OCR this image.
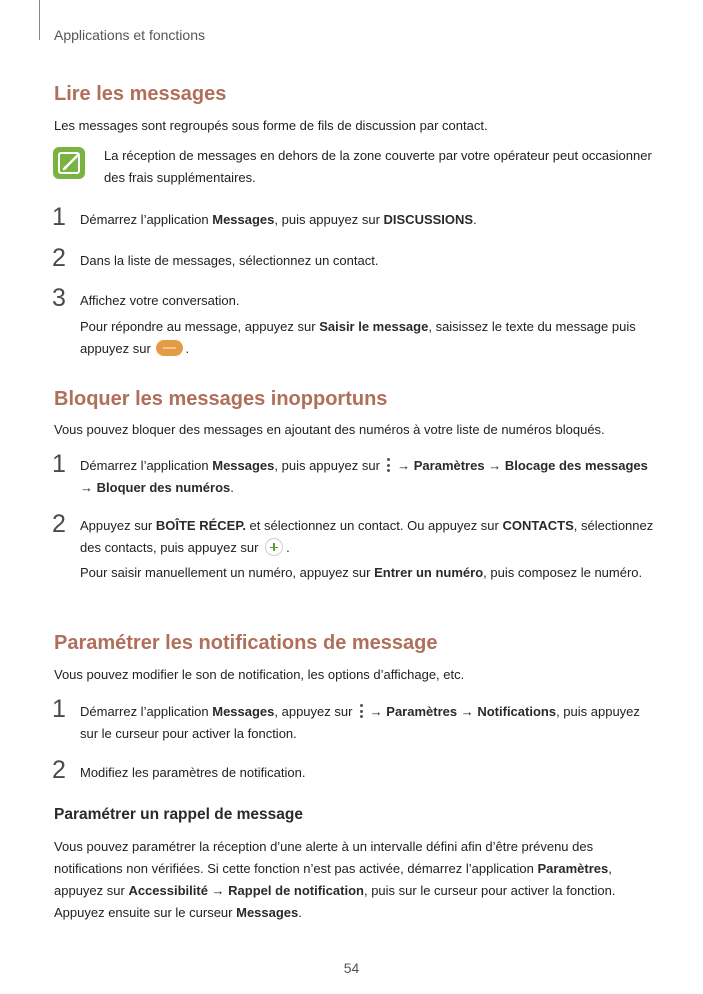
Applications et fonctions
Lire les messages
Les messages sont regroupés sous forme de fils de discussion par contact.
La réception de messages en dehors de la zone couverte par votre opérateur peut occasionner des frais supplémentaires.
1 Démarrez l’application Messages, puis appuyez sur DISCUSSIONS.
2 Dans la liste de messages, sélectionnez un contact.
3 Affichez votre conversation.
Pour répondre au message, appuyez sur Saisir le message, saisissez le texte du message puis appuyez sur .
Bloquer les messages inopportuns
Vous pouvez bloquer des messages en ajoutant des numéros à votre liste de numéros bloqués.
1 Démarrez l’application Messages, puis appuyez sur
→ Paramètres → Blocage des messages
→ Bloquer des numéros.
2 Appuyez sur BOÎTE RÉCEP. et sélectionnez un contact. Ou appuyez sur CONTACTS, sélectionnez des contacts, puis appuyez sur .
Pour saisir manuellement un numéro, appuyez sur Entrer un numéro, puis composez le numéro.
Paramétrer les notifications de message
Vous pouvez modifier le son de notification, les options d’affichage, etc.
1 Démarrez l’application Messages, appuyez sur
→ Paramètres → Notifications, puis appuyez sur le curseur pour activer la fonction.
2 Modifiez les paramètres de notification.
Paramétrer un rappel de message
Vous pouvez paramétrer la réception d’une alerte à un intervalle défini afin d’être prévenu des notifications non vérifiées. Si cette fonction n’est pas activée, démarrez l’application Paramètres, appuyez sur Accessibilité → Rappel de notification, puis sur le curseur pour activer la fonction. Appuyez ensuite sur le curseur Messages.
54
